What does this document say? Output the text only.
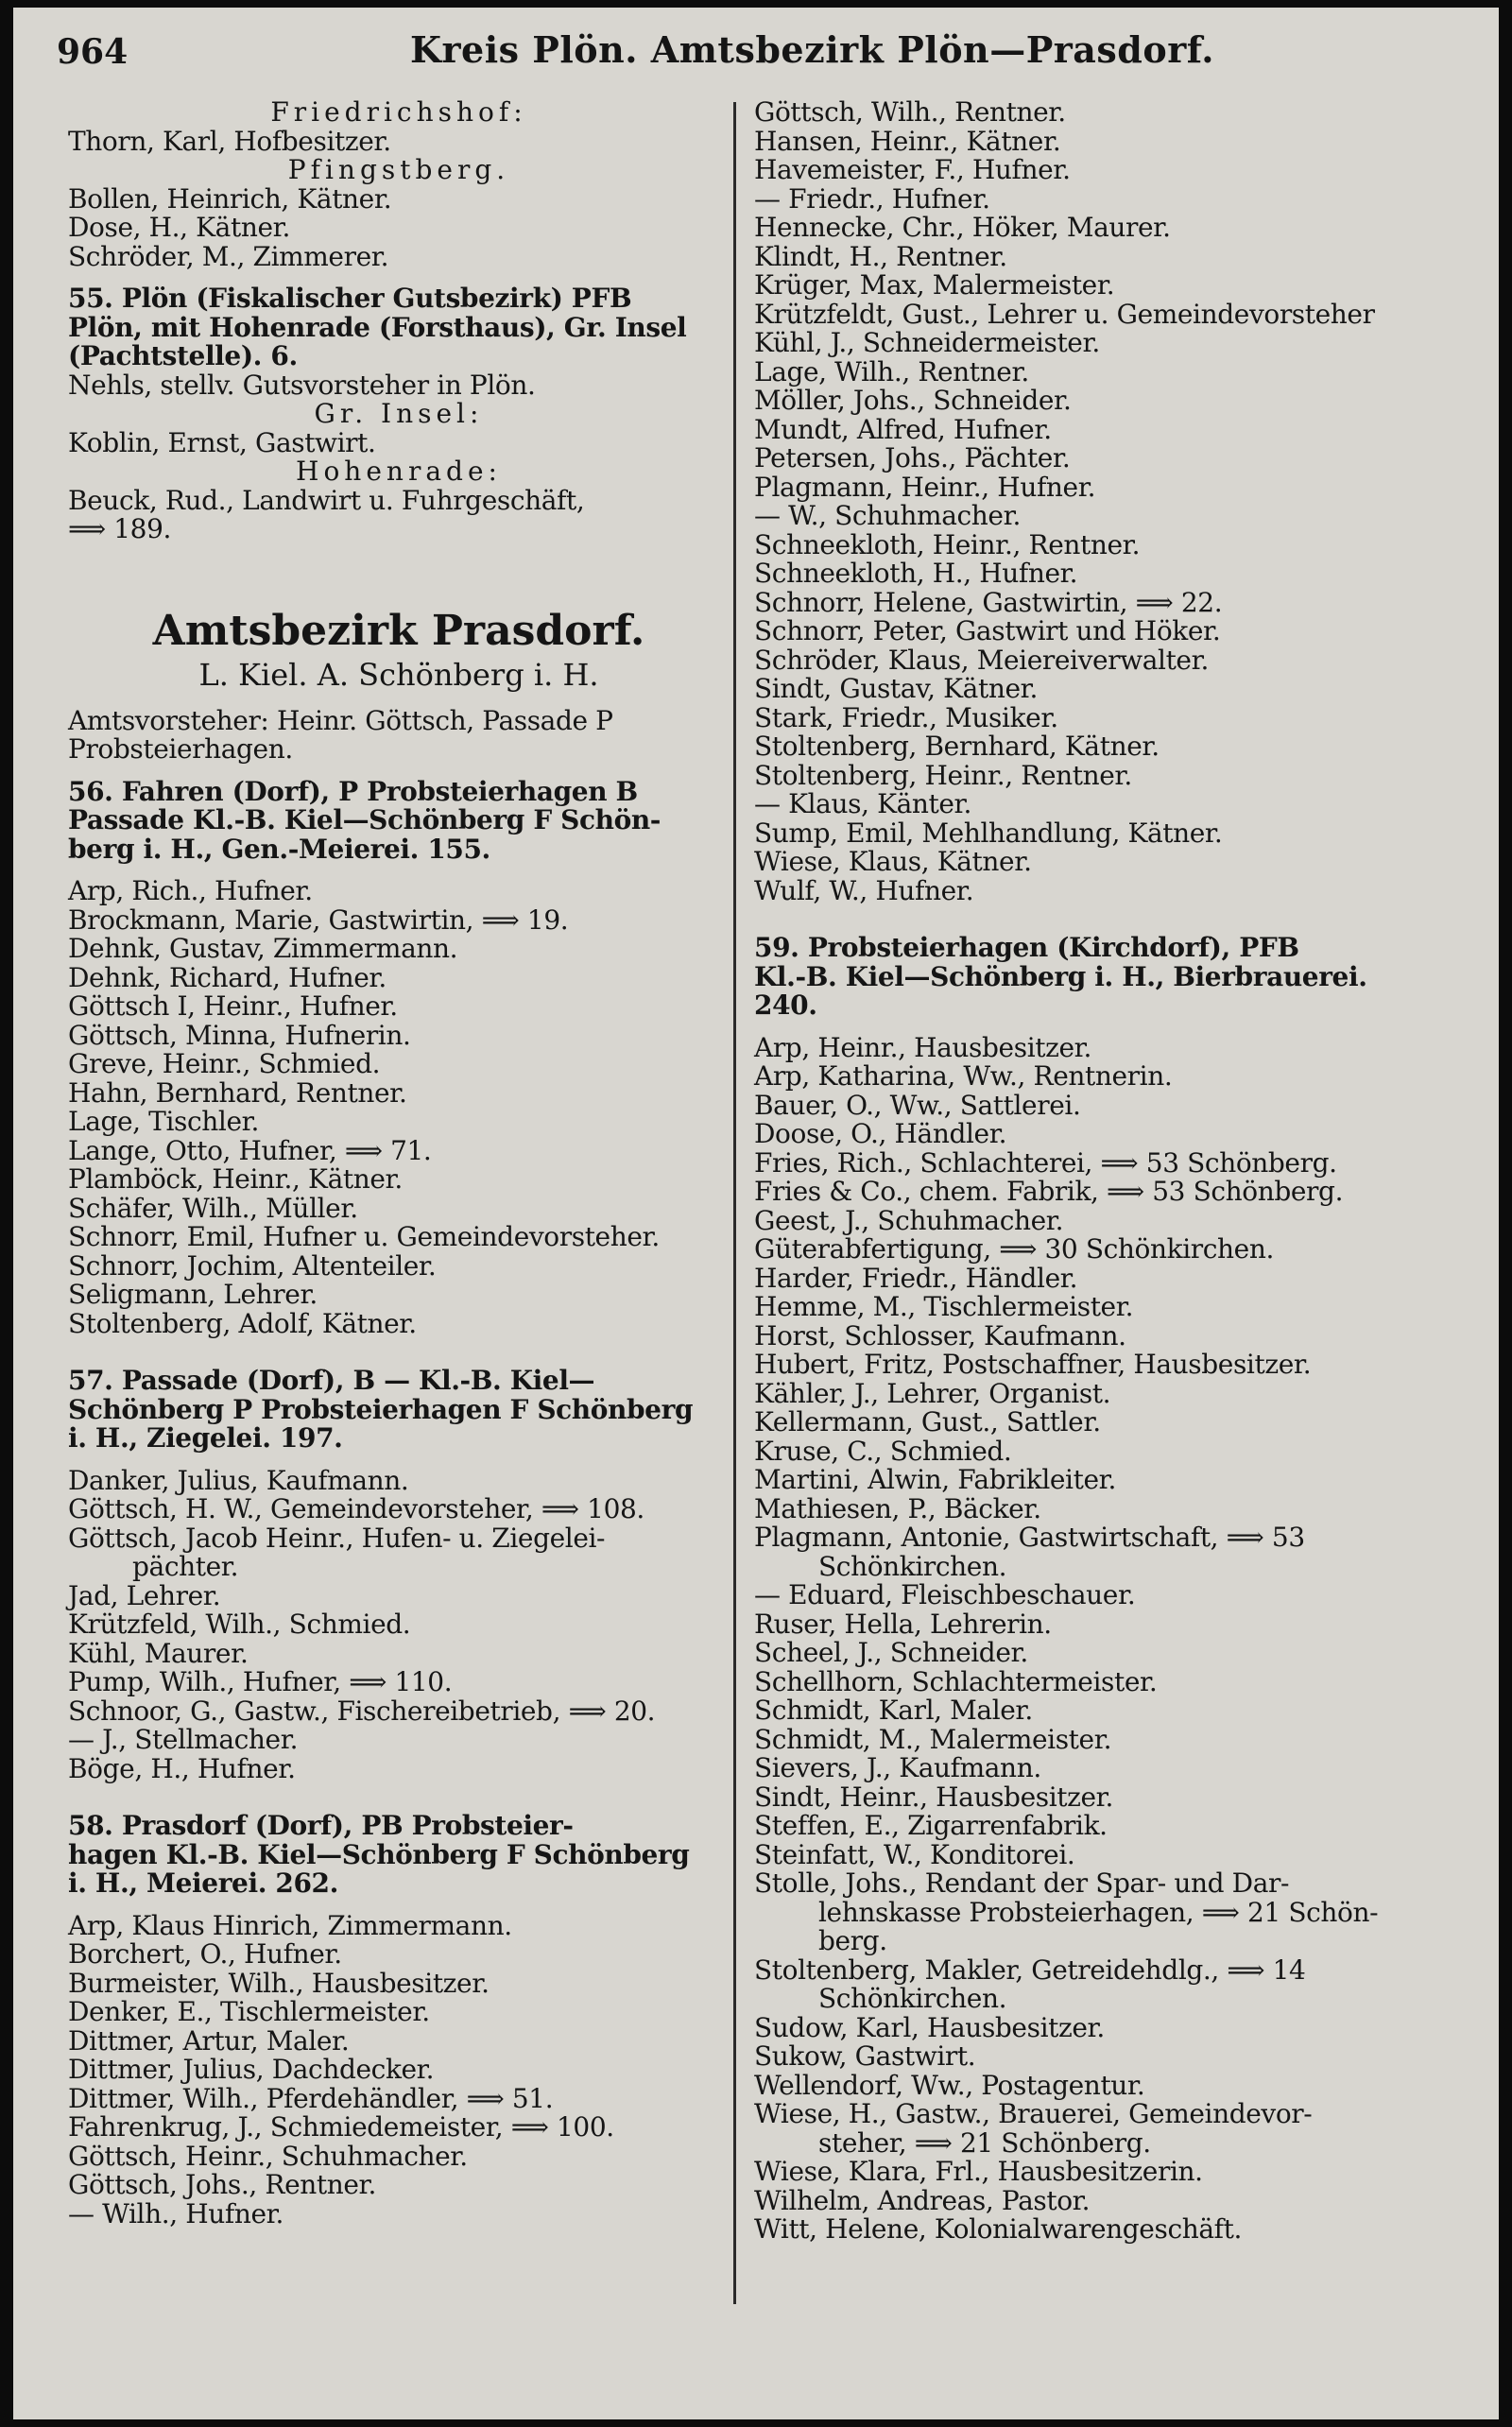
964	Kreis Plön. Amtsbezirk Plön—Prasdorf.
Friedrichshof:
Thorn, Karl, Hofbesitzer.
Pfingstberg.
Bollen, Heinrich, Kätner.
Dose, H., Kätner.
Schröder, M., Zimmerer.
55. Plön (Fiskalischer Gutsbezirk) PFB
Plön, mit Hohenrade (Forsthaus), Gr. Insel
(Pachtstelle). 6.
Nehls, stellv. Gutsvorsteher in Plön.
Gr. Insel:
Koblin, Ernst, Gastwirt.
Hohenrade:
Beuck, Rud., Landwirt u. Fuhrgeschäft,
⟹ 189.
Amtsbezirk Prasdorf.
L. Kiel. A. Schönberg i. H.
Amtsvorsteher: Heinr. Göttsch, Passade P
Probsteierhagen.
56. Fahren (Dorf), P Probsteierhagen B
Passade Kl.-B. Kiel—Schönberg F Schön-
berg i. H., Gen.-Meierei. 155.
Arp, Rich., Hufner.
Brockmann, Marie, Gastwirtin, ⟹ 19.
Dehnk, Gustav, Zimmermann.
Dehnk, Richard, Hufner.
Göttsch I, Heinr., Hufner.
Göttsch, Minna, Hufnerin.
Greve, Heinr., Schmied.
Hahn, Bernhard, Rentner.
Lage, Tischler.
Lange, Otto, Hufner, ⟹ 71.
Plamböck, Heinr., Kätner.
Schäfer, Wilh., Müller.
Schnorr, Emil, Hufner u. Gemeindevorsteher.
Schnorr, Jochim, Altenteiler.
Seligmann, Lehrer.
Stoltenberg, Adolf, Kätner.
57. Passade (Dorf), B — Kl.-B. Kiel—
Schönberg P Probsteierhagen F Schönberg
i. H., Ziegelei. 197.
Danker, Julius, Kaufmann.
Göttsch, H. W., Gemeindevorsteher, ⟹ 108.
Göttsch, Jacob Heinr., Hufen- u. Ziegelei-
pächter.
Jad, Lehrer.
Krützfeld, Wilh., Schmied.
Kühl, Maurer.
Pump, Wilh., Hufner, ⟹ 110.
Schnoor, G., Gastw., Fischereibetrieb, ⟹ 20.
— J., Stellmacher.
Böge, H., Hufner.
58. Prasdorf (Dorf), PB Probsteier-
hagen Kl.-B. Kiel—Schönberg F Schönberg
i. H., Meierei. 262.
Arp, Klaus Hinrich, Zimmermann.
Borchert, O., Hufner.
Burmeister, Wilh., Hausbesitzer.
Denker, E., Tischlermeister.
Dittmer, Artur, Maler.
Dittmer, Julius, Dachdecker.
Dittmer, Wilh., Pferdehändler, ⟹ 51.
Fahrenkrug, J., Schmiedemeister, ⟹ 100.
Göttsch, Heinr., Schuhmacher.
Göttsch, Johs., Rentner.
— Wilh., Hufner.
Göttsch, Wilh., Rentner.
Hansen, Heinr., Kätner.
Havemeister, F., Hufner.
— Friedr., Hufner.
Hennecke, Chr., Höker, Maurer.
Klindt, H., Rentner.
Krüger, Max, Malermeister.
Krützfeldt, Gust., Lehrer u. Gemeindevorsteher
Kühl, J., Schneidermeister.
Lage, Wilh., Rentner.
Möller, Johs., Schneider.
Mundt, Alfred, Hufner.
Petersen, Johs., Pächter.
Plagmann, Heinr., Hufner.
— W., Schuhmacher.
Schneekloth, Heinr., Rentner.
Schneekloth, H., Hufner.
Schnorr, Helene, Gastwirtin, ⟹ 22.
Schnorr, Peter, Gastwirt und Höker.
Schröder, Klaus, Meiereiverwalter.
Sindt, Gustav, Kätner.
Stark, Friedr., Musiker.
Stoltenberg, Bernhard, Kätner.
Stoltenberg, Heinr., Rentner.
— Klaus, Känter.
Sump, Emil, Mehlhandlung, Kätner.
Wiese, Klaus, Kätner.
Wulf, W., Hufner.
59. Probsteierhagen (Kirchdorf), PFB
Kl.-B. Kiel—Schönberg i. H., Bierbrauerei.
240.
Arp, Heinr., Hausbesitzer.
Arp, Katharina, Ww., Rentnerin.
Bauer, O., Ww., Sattlerei.
Doose, O., Händler.
Fries, Rich., Schlachterei, ⟹ 53 Schönberg.
Fries & Co., chem. Fabrik, ⟹ 53 Schönberg.
Geest, J., Schuhmacher.
Güterabfertigung, ⟹ 30 Schönkirchen.
Harder, Friedr., Händler.
Hemme, M., Tischlermeister.
Horst, Schlosser, Kaufmann.
Hubert, Fritz, Postschaffner, Hausbesitzer.
Kähler, J., Lehrer, Organist.
Kellermann, Gust., Sattler.
Kruse, C., Schmied.
Martini, Alwin, Fabrikleiter.
Mathiesen, P., Bäcker.
Plagmann, Antonie, Gastwirtschaft, ⟹ 53
Schönkirchen.
— Eduard, Fleischbeschauer.
Ruser, Hella, Lehrerin.
Scheel, J., Schneider.
Schellhorn, Schlachtermeister.
Schmidt, Karl, Maler.
Schmidt, M., Malermeister.
Sievers, J., Kaufmann.
Sindt, Heinr., Hausbesitzer.
Steffen, E., Zigarrenfabrik.
Steinfatt, W., Konditorei.
Stolle, Johs., Rendant der Spar- und Dar-
lehnskasse Probsteierhagen, ⟹ 21 Schön-
berg.
Stoltenberg, Makler, Getreidehdlg., ⟹ 14
Schönkirchen.
Sudow, Karl, Hausbesitzer.
Sukow, Gastwirt.
Wellendorf, Ww., Postagentur.
Wiese, H., Gastw., Brauerei, Gemeindevor-
steher, ⟹ 21 Schönberg.
Wiese, Klara, Frl., Hausbesitzerin.
Wilhelm, Andreas, Pastor.
Witt, Helene, Kolonialwarengeschäft.
